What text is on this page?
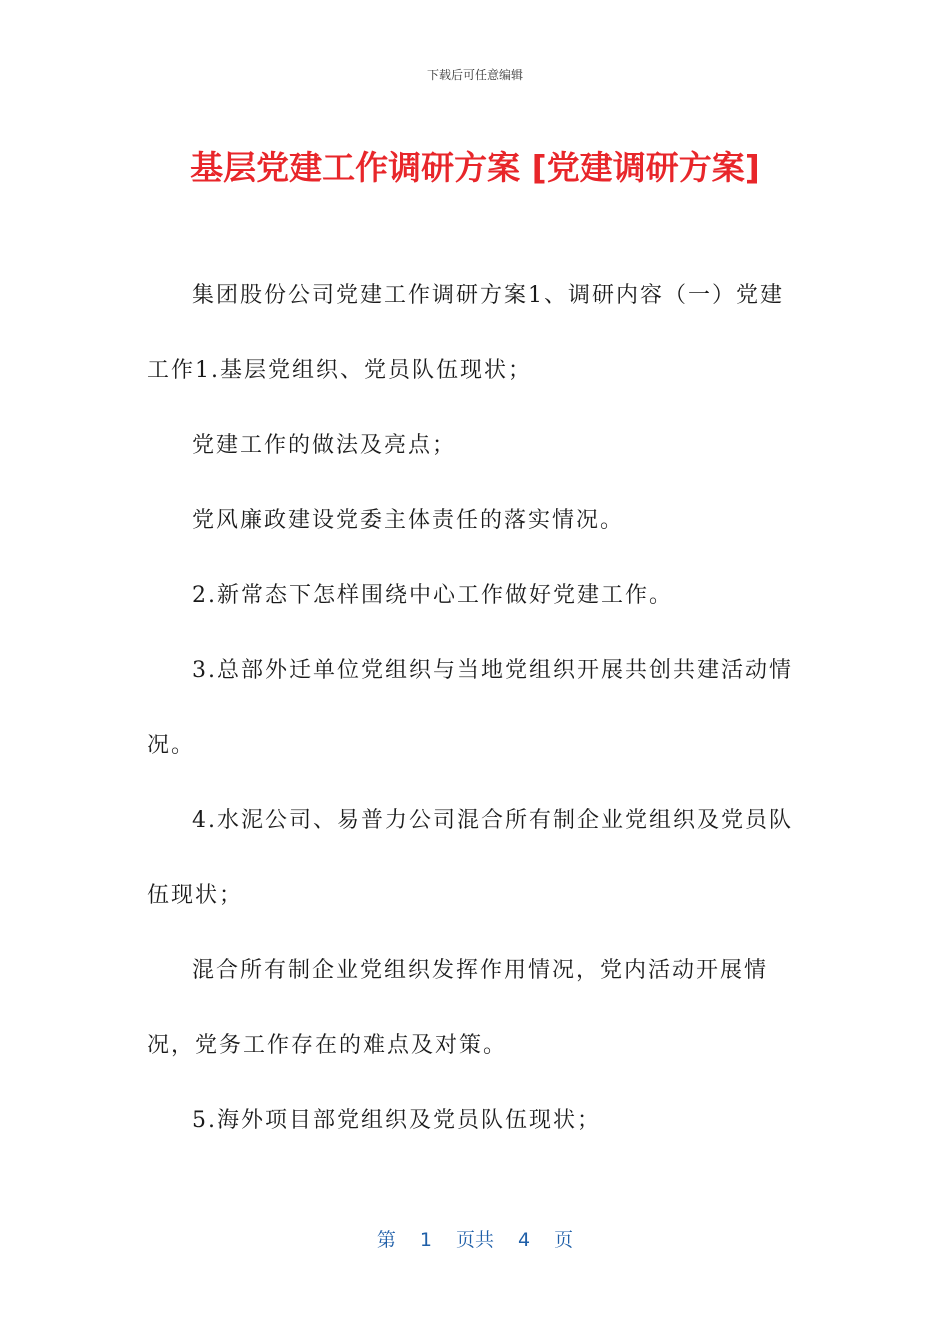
下载后可任意编辑
基层党建工作调研方案 [党建调研方案]

集团股份公司党建工作调研方案1、调研内容（一）党建工作1.基层党组织、党员队伍现状；

党建工作的做法及亮点；

党风廉政建设党委主体责任的落实情况。

2.新常态下怎样围绕中心工作做好党建工作。

3.总部外迁单位党组织与当地党组织开展共创共建活动情况。

4.水泥公司、易普力公司混合所有制企业党组织及党员队伍现状；

混合所有制企业党组织发挥作用情况，党内活动开展情况，党务工作存在的难点及对策。

5.海外项目部党组织及党员队伍现状；

第 1 页共 4 页
